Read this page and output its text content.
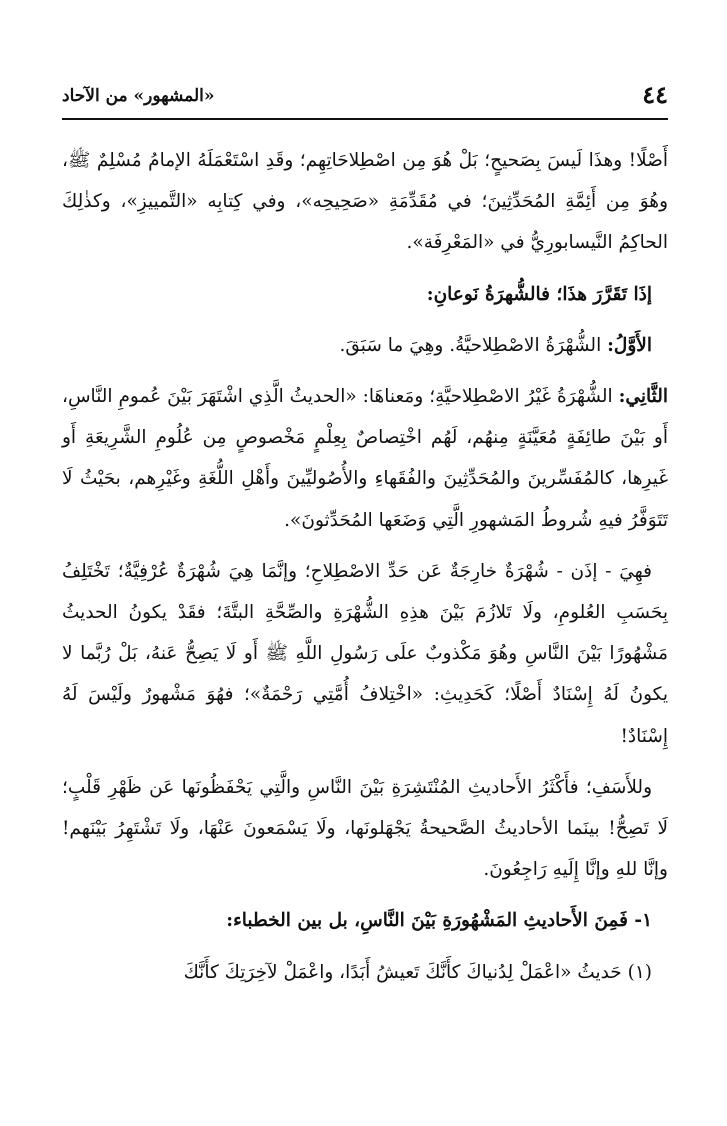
٤٤
«المشهور» من الآحاد

أَصْلًا! وهذَا لَيسَ بِصَحيحٍ؛ بَلْ هُوَ مِن اصْطِلاحَاتِهِم؛ وقَدِ اسْتَعْمَلَهُ الإمامُ مُسْلِمٌ ﷺ، وهُوَ مِن أَئِمَّةِ المُحَدِّثِينَ؛ في مُقَدِّمَةِ «صَحِيحِه»، وفي كِتابِه «التَّمييزِ»، وكذٰلِكَ الحاكِمُ النَّيسابورِيُّ في «المَعْرِفَة».

إذَا تَقَرَّرَ هذَا؛ فالشُّهرَةُ نَوعانِ:

الأَوَّلُ: الشُّهْرَةُ الاصْطِلاحيَّةُ. وهِيَ ما سَبَقَ.

الثَّانِي: الشُّهْرَةُ غَيْرُ الاصْطِلاحيَّةِ؛ ومَعناهَا: «الحديثُ الَّذِي اشْتَهَرَ بَيْنَ عُمومِ النَّاسِ، أَو بَيْنَ طائِفَةٍ مُعَيَّنَةٍ مِنهُم، لَهُم اخْتِصاصٌ بِعِلْمٍ مَخْصوصٍ مِن عُلُومِ الشَّرِيعَةِ أَو غَيرِها، كالمُفَسِّرينَ والمُحَدِّثِينَ والفُقَهاءِ والأُصُوليِّينَ وأَهْلِ اللُّغَةِ وغَيْرِهم، بحَيْثُ لَا تَتَوَفَّرُ فيهِ شُروطُ المَشهورِ الَّتِي وَضَعَها المُحَدِّثونَ».

فهِيَ - إذَن - شُهْرَةٌ خارِجَةٌ عَن حَدِّ الاصْطِلاحِ؛ وإنَّمَا هِيَ شُهْرَةٌ عُرْفِيَّةٌ؛ تَخْتَلِفُ بِحَسَبِ العُلومِ، ولَا تَلازُمَ بَيْنَ هذِهِ الشُّهْرَةِ والصِّحَّةِ البتَّةَ؛ فقَدْ يكونُ الحديثُ مَشْهُورًا بَيْنَ النَّاسِ وهُوَ مَكْذوبٌ علَى رَسُولِ اللَّهِ ﷺ أَو لَا يَصِحُّ عَنهُ، بَلْ رُبَّما لا يكونُ لَهُ إِسْنَادٌ أَصْلًا؛ كَحَدِيثِ: «اخْتِلافُ أُمَّتِي رَحْمَةٌ»؛ فهُوَ مَشْهورٌ ولَيْسَ لَهُ إِسْنَادٌ!

وللأَسَفِ؛ فأَكْثَرُ الأَحاديثِ المُنْتَشِرَةِ بَيْنَ النَّاسِ والَّتِي يَحْفَظُونَها عَن ظَهْرِ قَلْبٍ؛ لَا تَصِحُّ! بينَما الأحاديثُ الصَّحيحةُ يَجْهَلونَها، ولَا يَسْمَعونَ عَنْهَا، ولَا تَشْتَهِرُ بَيْنَهم! وإنَّا للهِ وإنَّا إِلَيهِ رَاجِعُونَ.

١- فَمِنَ الأَحاديثِ المَشْهُورَةِ بَيْنَ النَّاسِ، بل بين الخطباء:

(١) حَديثُ «اعْمَلْ لِدُنياكَ كأَنَّكَ تَعيشُ أَبَدًا، واعْمَلْ لآخِرَتِكَ كأَنَّكَ
